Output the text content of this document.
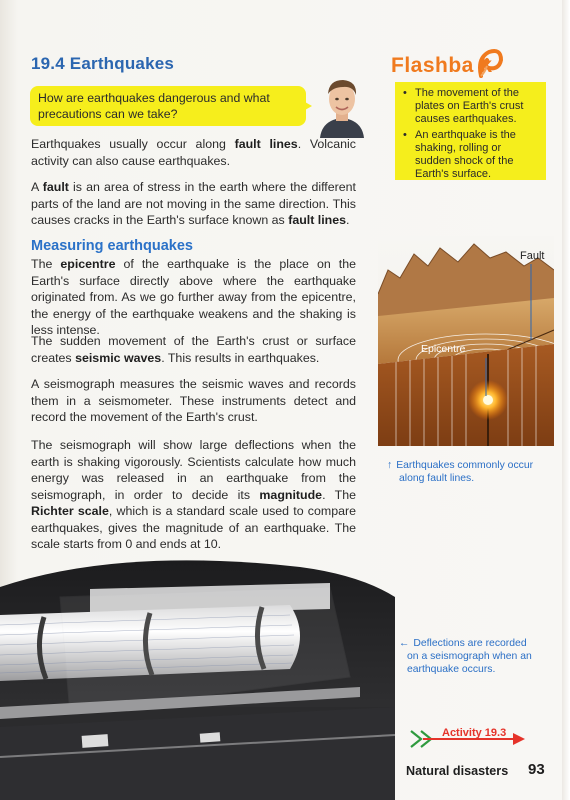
19.4 Earthquakes
How are earthquakes dangerous and what
precautions can we take?

Earthquakes usually occur along fault lines. Volcanic activity can also cause earthquakes.

A fault is an area of stress in the earth where the different parts of the land are not moving in the same direction. This causes cracks in the Earth's surface known as fault lines.

Measuring earthquakes

The epicentre of the earthquake is the place on the Earth's surface directly above where the earthquake originated from. As we go further away from the epicentre, the energy of the earthquake weakens and the shaking is less intense.

The sudden movement of the Earth's crust or surface creates seismic waves. This results in earthquakes.

A seismograph measures the seismic waves and records them in a seismometer. These instruments detect and record the movement of the Earth's crust.

The seismograph will show large deflections when the earth is shaking vigorously. Scientists calculate how much energy was released in an earthquake from the seismograph, in order to decide its magnitude. The Richter scale, which is a standard scale used to compare earthquakes, gives the magnitude of an earthquake. The scale starts from 0 and ends at 10.

Flashba k
• The movement of the plates on Earth's crust causes earthquakes.
• An earthquake is the shaking, rolling or sudden shock of the Earth's surface.
Fault
Epicentre
↑ Earthquakes commonly occur
along fault lines.
← Deflections are recorded
on a seismograph when an
earthquake occurs.
Activity 19.3
Natural disasters 93
